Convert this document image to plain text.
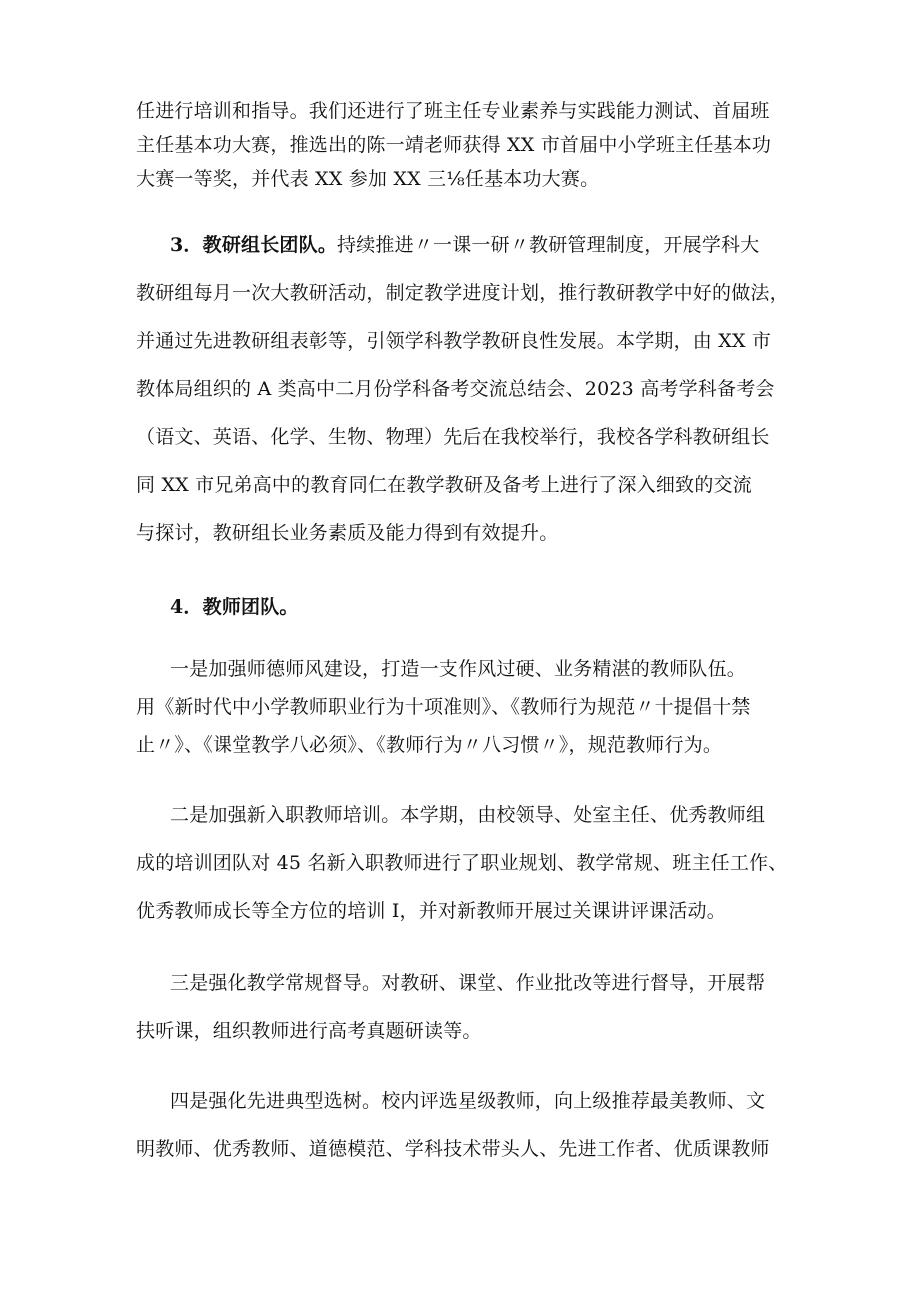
任进行培训和指导。我们还进行了班主任专业素养与实践能力测试、首届班
主任基本功大赛，推选出的陈一靖老师获得 XX 市首届中小学班主任基本功
大赛一等奖，并代表 XX 参加 XX 三⅛任基本功大赛。
3．教研组长团队。持续推进〃一课一研〃教研管理制度，开展学科大
教研组每月一次大教研活动，制定教学进度计划，推行教研教学中好的做法，
并通过先进教研组表彰等，引领学科教学教研良性发展。本学期，由 XX 市
教体局组织的 A 类高中二月份学科备考交流总结会、2023 高考学科备考会
（语文、英语、化学、生物、物理）先后在我校举行，我校各学科教研组长
同 XX 市兄弟高中的教育同仁在教学教研及备考上进行了深入细致的交流
与探讨，教研组长业务素质及能力得到有效提升。
4．教师团队。
一是加强师德师风建设，打造一支作风过硬、业务精湛的教师队伍。
用《新时代中小学教师职业行为十项准则》、《教师行为规范〃十提倡十禁
止〃》、《课堂教学八必须》、《教师行为〃八习惯〃》，规范教师行为。
二是加强新入职教师培训。本学期，由校领导、处室主任、优秀教师组
成的培训团队对 45 名新入职教师进行了职业规划、教学常规、班主任工作、
优秀教师成长等全方位的培训 I，并对新教师开展过关课讲评课活动。
三是强化教学常规督导。对教研、课堂、作业批改等进行督导，开展帮
扶听课，组织教师进行高考真题研读等。
四是强化先进典型选树。校内评选星级教师，向上级推荐最美教师、文
明教师、优秀教师、道德模范、学科技术带头人、先进工作者、优质课教师
